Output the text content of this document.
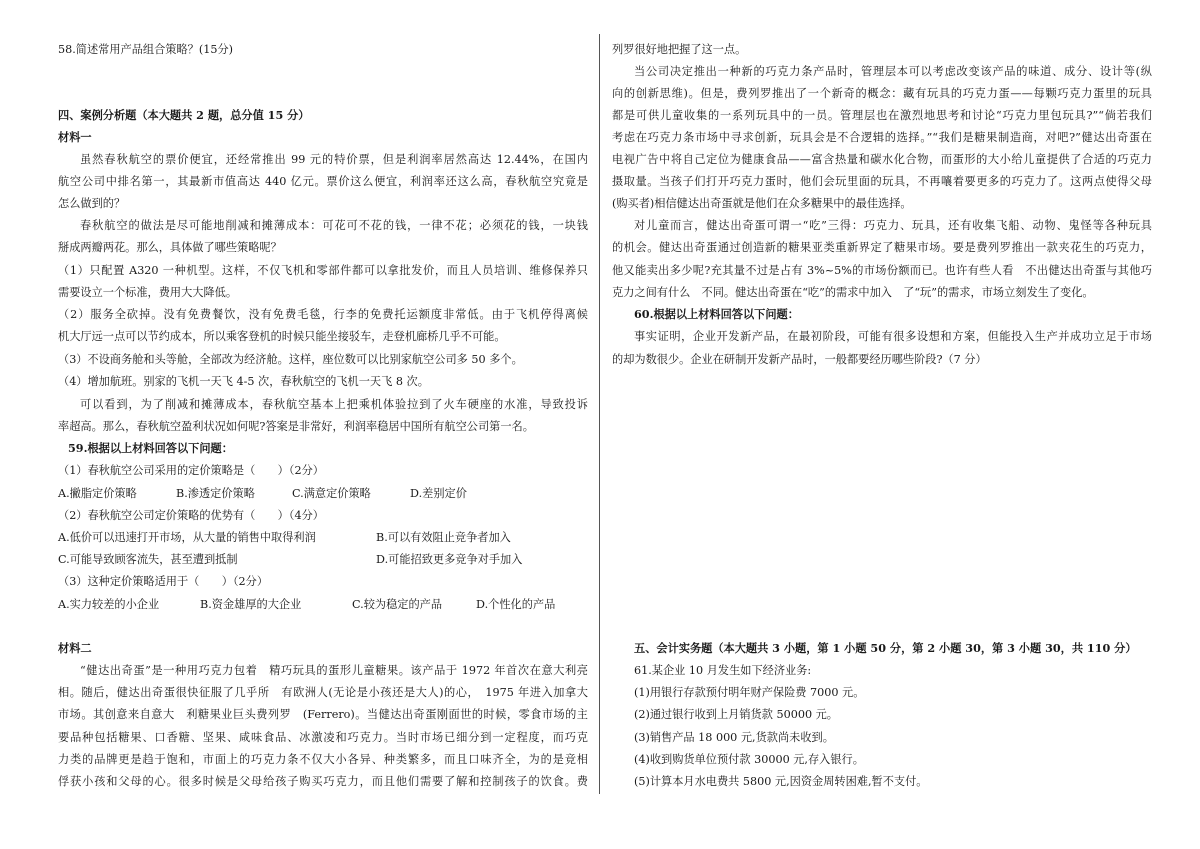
58.简述常用产品组合策略？(15分)
四、案例分析题（本大题共 2 题，总分值 15 分）
材料一
虽然春秋航空的票价便宜，还经常推出 99 元的特价票，但是利润率居然高达 12.44%，在国内
航空公司中排名第一，其最新市值高达 440 亿元。票价这么便宜，利润率还这么高，春秋航空究竟是
怎么做到的？
春秋航空的做法是尽可能地削减和摊薄成本：可花可不花的钱，一律不花；必须花的钱，一块钱
掰成两瓣两花。那么，具体做了哪些策略呢？
（1）只配置 A320 一种机型。这样，不仅飞机和零部件都可以拿批发价，而且人员培训、维修保养只
需要设立一个标准，费用大大降低。
（2）服务全砍掉。没有免费餐饮，没有免费毛毯，行李的免费托运额度非常低。由于飞机停得离候
机大厅远一点可以节约成本，所以乘客登机的时候只能坐接驳车，走登机廊桥几乎不可能。
（3）不设商务舱和头等舱，全部改为经济舱。这样，座位数可以比别家航空公司多 50 多个。
（4）增加航班。别家的飞机一天飞 4-5 次，春秋航空的飞机一天飞 8 次。
可以看到，为了削减和摊薄成本，春秋航空基本上把乘机体验拉到了火车硬座的水准，导致投诉
率超高。那么，春秋航空盈利状况如何呢?答案是非常好，利润率稳居中国所有航空公司第一名。
59.根据以上材料回答以下问题：
（1）春秋航空公司采用的定价策略是（　　）（2分）
A.撇脂定价策略	B.渗透定价策略	C.满意定价策略	D.差别定价
（2）春秋航空公司定价策略的优势有（　　）（4分）
A.低价可以迅速打开市场，从大量的销售中取得利润	B.可以有效阻止竞争者加入
C.可能导致顾客流失，甚至遭到抵制	D.可能招致更多竞争对手加入
（3）这种定价策略适用于（　　）（2分）
A.实力较差的小企业	B.资金雄厚的大企业	C.较为稳定的产品	D.个性化的产品
材料二
“健达出奇蛋”是一种用巧克力包着　精巧玩具的蛋形儿童糖果。该产品于 1972 年首次在意大利亮
相。随后，健达出奇蛋很快征服了几乎所　有欧洲人(无论是小孩还是大人)的心，　1975 年进入加拿大
市场。其创意来自意大　利糖果业巨头费列罗　(Ferrero)。当健达出奇蛋刚面世的时候，零食市场的主
要品种包括糖果、口香糖、坚果、咸味食品、冰激凌和巧克力。当时市场已细分到一定程度，而巧克
力类的品牌更是趋于饱和，市面上的巧克力条不仅大小各异、种类繁多，而且口味齐全，为的是竞相
俘获小孩和父母的心。很多时候是父母给孩子购买巧克力，而且他们需要了解和控制孩子的饮食。费
列罗很好地把握了这一点。
当公司决定推出一种新的巧克力条产品时，管理层本可以考虑改变该产品的味道、成分、设计等(纵
向的创新思维)。但是，费列罗推出了一个新奇的概念：藏有玩具的巧克力蛋——每颗巧克力蛋里的玩具
都是可供儿童收集的一系列玩具中的一员。管理层也在激烈地思考和讨论“巧克力里包玩具?”“倘若我们
考虑在巧克力条市场中寻求创新，玩具会是不合逻辑的选择。”“我们是糖果制造商，对吧?”健达出奇蛋在
电视广告中将自己定位为健康食品——富含热量和碳水化合物，而蛋形的大小给儿童提供了合适的巧克力
摄取量。当孩子们打开巧克力蛋时，他们会玩里面的玩具，不再嚷着要更多的巧克力了。这两点使得父母
(购买者)相信健达出奇蛋就是他们在众多糖果中的最佳选择。
对儿童而言，健达出奇蛋可谓一“吃”三得：巧克力、玩具，还有收集飞船、动物、鬼怪等各种玩具
的机会。健达出奇蛋通过创造新的糖果亚类重新界定了糖果市场。要是费列罗推出一款夹花生的巧克力，
他又能卖出多少呢?充其量不过是占有 3%~5%的市场份额而已。也许有些人看　不出健达出奇蛋与其他巧
克力之间有什么　不同。健达出奇蛋在“吃”的需求中加入　了“玩”的需求，市场立刻发生了变化。
60.根据以上材料回答以下问题：
事实证明，企业开发新产品，在最初阶段，可能有很多设想和方案，但能投入生产并成功立足于市场
的却为数很少。企业在研制开发新产品时，一般都要经历哪些阶段?（7 分）
五、会计实务题（本大题共 3 小题，第 1 小题 50 分，第 2 小题 30，第 3 小题 30，共 110 分）
61.某企业 10 月发生如下经济业务:
(1)用银行存款预付明年财产保险费 7000 元。
(2)通过银行收到上月销货款 50000 元。
(3)销售产品 18 000 元,货款尚未收到。
(4)收到购货单位预付款 30000 元,存入银行。
(5)计算本月水电费共 5800 元,因资金周转困难,暂不支付。
